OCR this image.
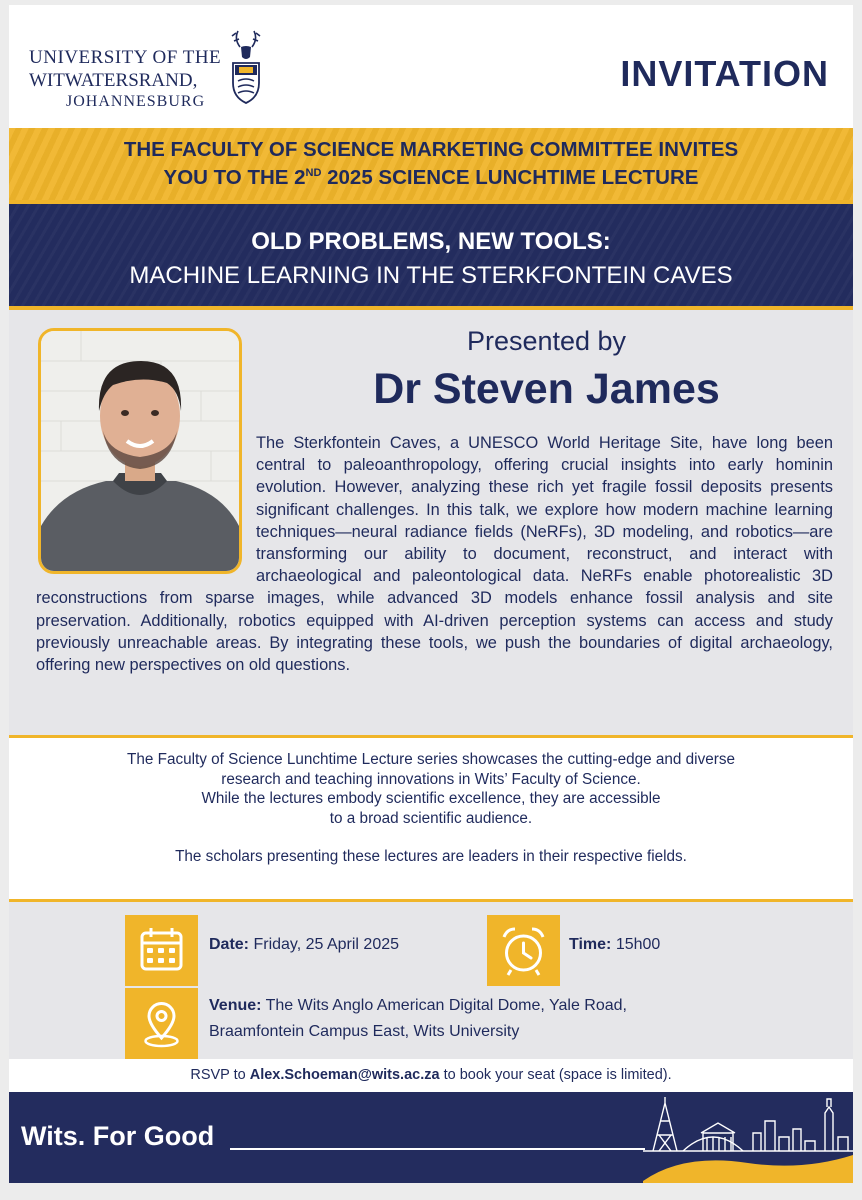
UNIVERSITY OF THE
WITWATERSRAND,
JOHANNESBURG
INVITATION
THE FACULTY OF SCIENCE MARKETING COMMITTEE INVITES
YOU TO THE 2ND 2025 SCIENCE LUNCHTIME LECTURE
OLD PROBLEMS, NEW TOOLS:
MACHINE LEARNING IN THE STERKFONTEIN CAVES
Presented by
Dr Steven James
The Sterkfontein Caves, a UNESCO World Heritage Site, have long been central to paleoanthropology, offering crucial insights into early hominin evolution. However, analyzing these rich yet fragile fossil deposits presents significant challenges. In this talk, we explore how modern machine learning techniques—neural radiance fields (NeRFs), 3D modeling, and robotics—are transforming our ability to document, reconstruct, and interact with archaeological and paleontological data. NeRFs enable photorealistic 3D reconstructions from sparse images, while advanced 3D models enhance fossil analysis and site preservation. Additionally, robotics equipped with AI-driven perception systems can access and study previously unreachable areas. By integrating these tools, we push the boundaries of digital archaeology, offering new perspectives on old questions.
The Faculty of Science Lunchtime Lecture series showcases the cutting-edge and diverse
research and teaching innovations in Wits’ Faculty of Science.
While the lectures embody scientific excellence, they are accessible
to a broad scientific audience.
The scholars presenting these lectures are leaders in their respective fields.
Date: Friday, 25 April 2025	Time: 15h00
Venue: The Wits Anglo American Digital Dome, Yale Road,
Braamfontein Campus East, Wits University
RSVP to Alex.Schoeman@wits.ac.za to book your seat (space is limited).
Wits. For Good
